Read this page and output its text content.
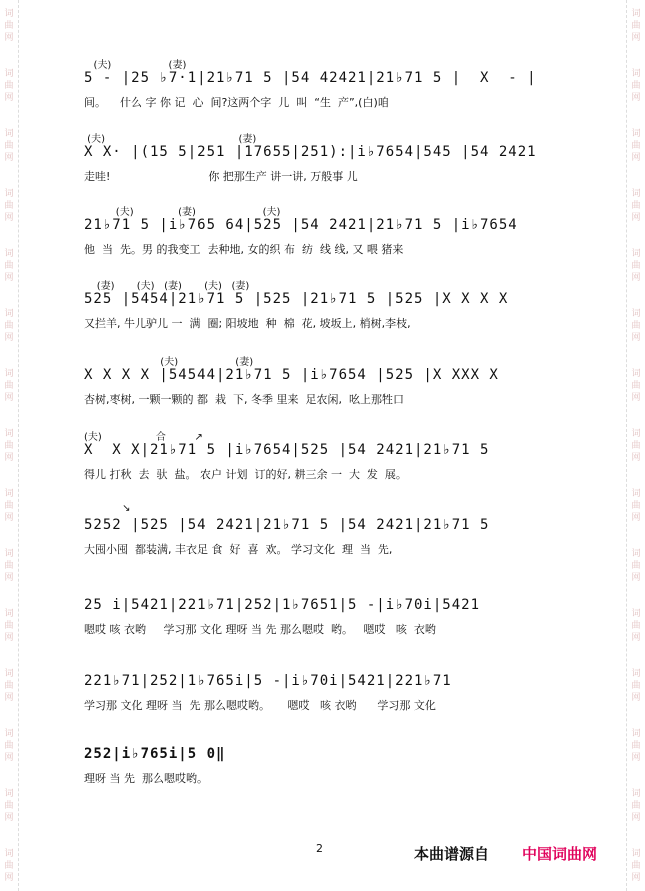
词曲网
词曲网
词曲网
词曲网
词曲网
词曲网
词曲网
词曲网
词曲网
词曲网
词曲网
词曲网
词曲网
词曲网
词曲网
词曲网
词曲网
词曲网
词曲网
词曲网
词曲网
词曲网
词曲网
词曲网
词曲网
词曲网
词曲网
词曲网
词曲网
词曲网
(夫)                  (妻)
5 - |25 ♭7·1|21♭71 5 |54 42421|21♭71 5 |  X  - |
间。    什么 字 你 记  心  间?这两个字  儿  叫  “生  产”,(白)咱
(夫)                                          (妻)
X X· |(15 5|251 |17655|251):|i♭7654|545 |54 2421
走哇!                            你 把那生产 讲一讲, 万般事 儿
(夫)              (妻)                     (夫)
21♭71 5 |i♭765 64|525 |54 2421|21♭71 5 |i♭7654
他  当  先。男 的我变工  去种地, 女的织 布  纺  线 线, 又 喂 猪来
(妻)       (夫)   (妻)       (夫)   (妻)
525 |5454|21♭71 5 |525 |21♭71 5 |525 |X X X X
又拦羊, 牛儿驴儿 一  满  圈; 阳坡地  种  棉  花, 坡坂上, 梢树,李枝,
(夫)                  (妻)
X X X X |54544|21♭71 5 |i♭7654 |525 |X XXX X
杏树,枣树, 一颗一颗的 都  栽  下, 冬季 里来  足农闲,  吆上那牲口
(夫)                 合         ↗
X  X X|21♭71 5 |i♭7654|525 |54 2421|21♭71 5
得儿 打秋  去  驮  盐。 农户 计划  订的好, 耕三余 一  大  发  展。
↘
5252 |525 |54 2421|21♭71 5 |54 2421|21♭71 5
大囤小囤  都装满, 丰衣足 食  好  喜  欢。 学习文化  理  当  先,
25 i|5421|221♭71|252|1♭7651|5 -|i♭70i|5421
嗯哎 咳 衣哟     学习那 文化 理呀 当 先 那么嗯哎  哟。   嗯哎   咳  衣哟
221♭71|252|1♭765i|5 -|i♭70i|5421|221♭71
学习那 文化 理呀 当  先 那么嗯哎哟。     嗯哎   咳 衣哟      学习那 文化
252|i♭765i|5 0‖
理呀 当 先  那么嗯哎哟。
2	本曲谱源自 中国词曲网
